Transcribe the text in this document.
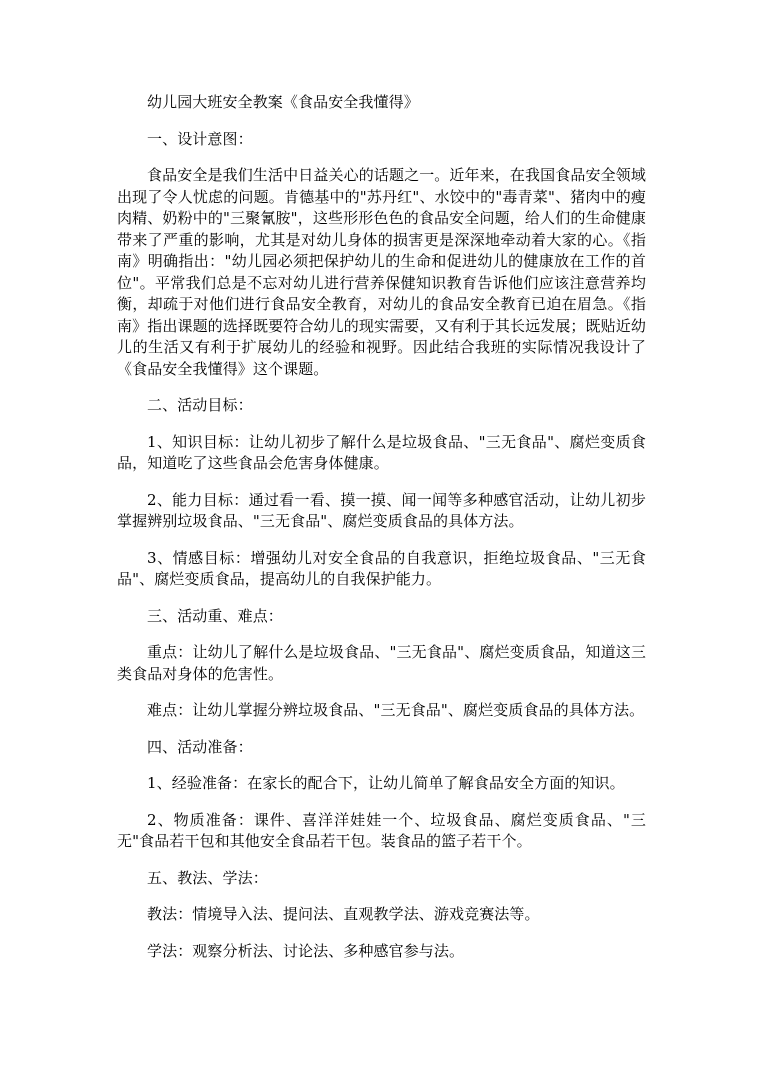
幼儿园大班安全教案《食品安全我懂得》

一、设计意图：

食品安全是我们生活中日益关心的话题之一。近年来，在我国食品安全领域出现了令人忧虑的问题。肯德基中的"苏丹红"、水饺中的"毒青菜"、猪肉中的瘦肉精、奶粉中的"三聚氰胺"，这些形形色色的食品安全问题，给人们的生命健康带来了严重的影响，尤其是对幼儿身体的损害更是深深地牵动着大家的心。《指南》明确指出："幼儿园必须把保护幼儿的生命和促进幼儿的健康放在工作的首位"。平常我们总是不忘对幼儿进行营养保健知识教育告诉他们应该注意营养均衡，却疏于对他们进行食品安全教育，对幼儿的食品安全教育已迫在眉急。《指南》指出课题的选择既要符合幼儿的现实需要，又有利于其长远发展；既贴近幼儿的生活又有利于扩展幼儿的经验和视野。因此结合我班的实际情况我设计了《食品安全我懂得》这个课题。

二、活动目标：

1、知识目标：让幼儿初步了解什么是垃圾食品、"三无食品"、腐烂变质食品，知道吃了这些食品会危害身体健康。

2、能力目标：通过看一看、摸一摸、闻一闻等多种感官活动，让幼儿初步掌握辨别垃圾食品、"三无食品"、腐烂变质食品的具体方法。

3、情感目标：增强幼儿对安全食品的自我意识，拒绝垃圾食品、"三无食品"、腐烂变质食品，提高幼儿的自我保护能力。

三、活动重、难点：

重点：让幼儿了解什么是垃圾食品、"三无食品"、腐烂变质食品，知道这三类食品对身体的危害性。

难点：让幼儿掌握分辨垃圾食品、"三无食品"、腐烂变质食品的具体方法。

四、活动准备：

1、经验准备：在家长的配合下，让幼儿简单了解食品安全方面的知识。

2、物质准备：课件、喜洋洋娃娃一个、垃圾食品、腐烂变质食品、"三无"食品若干包和其他安全食品若干包。装食品的篮子若干个。

五、教法、学法：

教法：情境导入法、提问法、直观教学法、游戏竞赛法等。

学法：观察分析法、讨论法、多种感官参与法。
